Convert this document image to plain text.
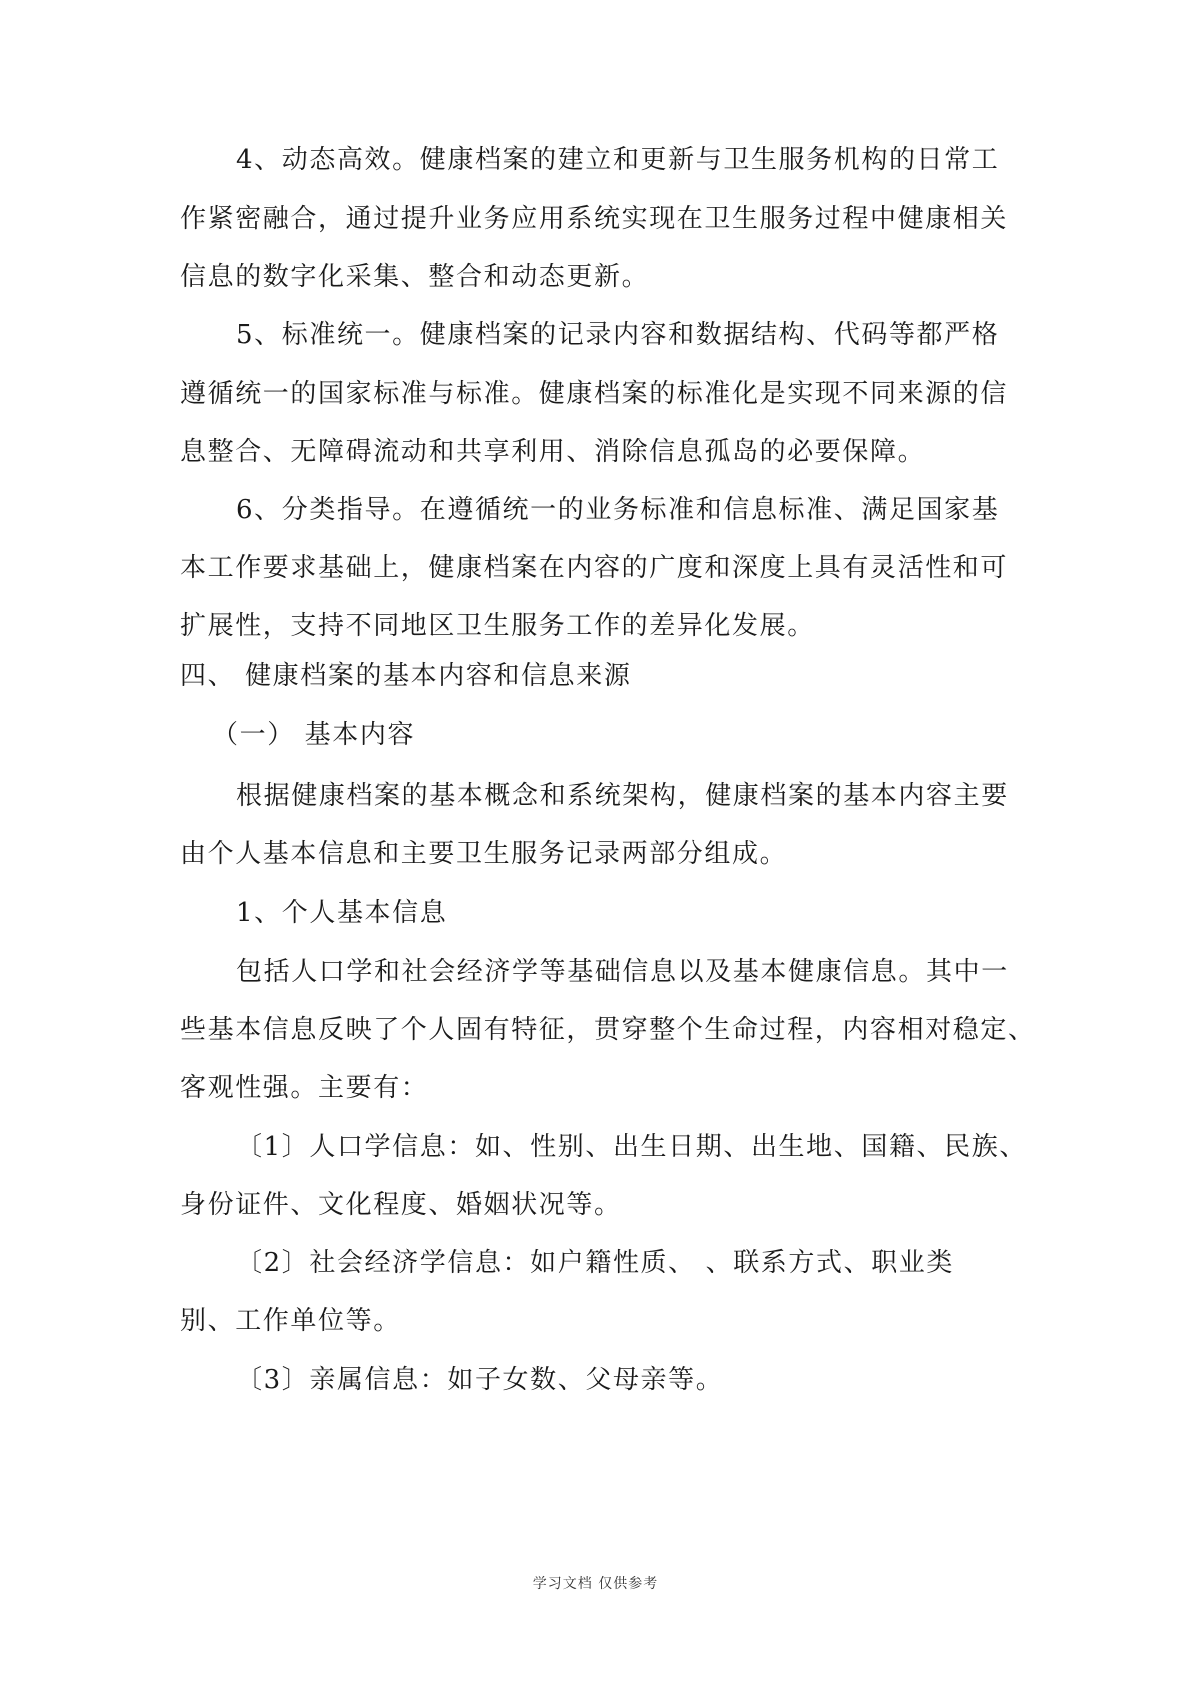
4、动态高效。健康档案的建立和更新与卫生服务机构的日常工
作紧密融合，通过提升业务应用系统实现在卫生服务过程中健康相关
信息的数字化采集、整合和动态更新。
5、标准统一。健康档案的记录内容和数据结构、代码等都严格
遵循统一的国家标准与标准。健康档案的标准化是实现不同来源的信
息整合、无障碍流动和共享利用、消除信息孤岛的必要保障。
6、分类指导。在遵循统一的业务标准和信息标准、满足国家基
本工作要求基础上，健康档案在内容的广度和深度上具有灵活性和可
扩展性，支持不同地区卫生服务工作的差异化发展。
四、 健康档案的基本内容和信息来源
（一） 基本内容
根据健康档案的基本概念和系统架构，健康档案的基本内容主要
由个人基本信息和主要卫生服务记录两部分组成。
1、个人基本信息
包括人口学和社会经济学等基础信息以及基本健康信息。其中一
些基本信息反映了个人固有特征，贯穿整个生命过程，内容相对稳定、
客观性强。主要有：
〔1〕人口学信息：如、性别、出生日期、出生地、国籍、民族、
身份证件、文化程度、婚姻状况等。
〔2〕社会经济学信息：如户籍性质、 、联系方式、职业类
别、工作单位等。
〔3〕亲属信息：如子女数、父母亲等。
学习文档 仅供参考
